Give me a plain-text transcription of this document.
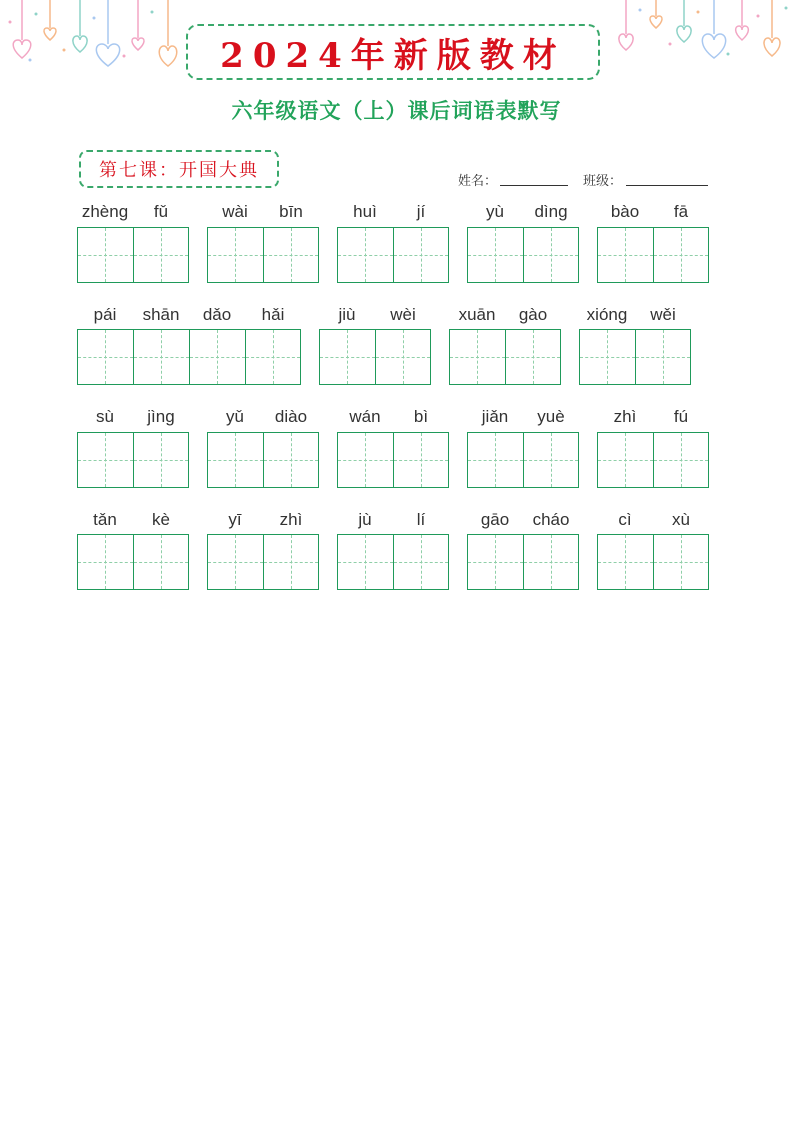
2024年新版教材
六年级语文（上）课后词语表默写
第七课：开国大典
姓名：	班级：
zhèng	fǔ	wài	bīn	huì	jí	yù	dìng	bào	fā
pái	shān	dǎo	hǎi	jiù	wèi	xuān	gào	xióng	wěi
sù	jìng	yǔ	diào	wán	bì	jiǎn	yuè	zhì	fú
tǎn	kè	yī	zhì	jù	lí	gāo	cháo	cì	xù
